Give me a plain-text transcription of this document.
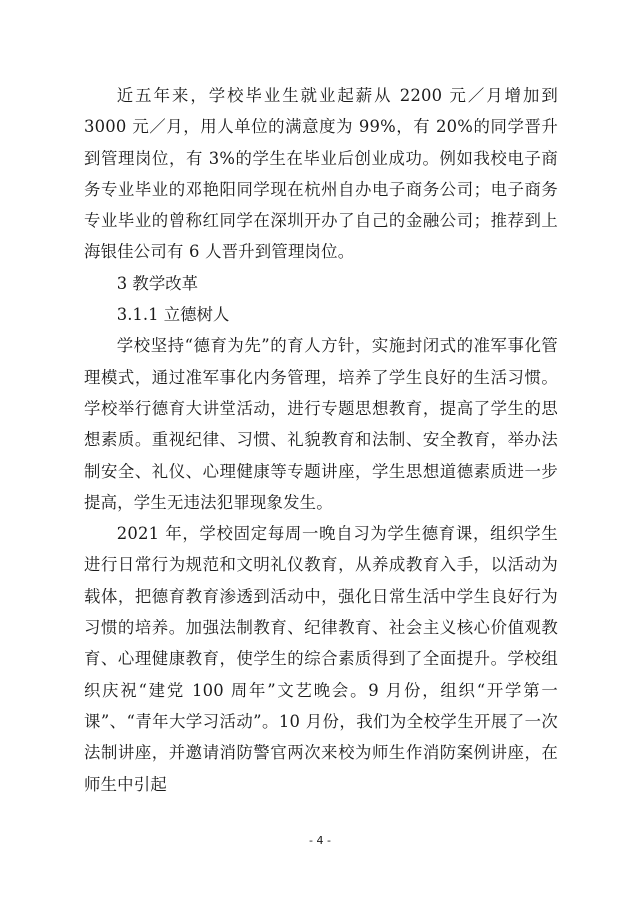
近五年来，学校毕业生就业起薪从 2200 元／月增加到 3000 元／月，用人单位的满意度为 99%，有 20%的同学晋升到管理岗位，有 3%的学生在毕业后创业成功。例如我校电子商务专业毕业的邓艳阳同学现在杭州自办电子商务公司；电子商务专业毕业的曾称红同学在深圳开办了自己的金融公司；推荐到上海银佳公司有 6 人晋升到管理岗位。

3 教学改革

3.1.1 立德树人

学校坚持“德育为先”的育人方针，实施封闭式的准军事化管理模式，通过准军事化内务管理，培养了学生良好的生活习惯。学校举行德育大讲堂活动，进行专题思想教育，提高了学生的思想素质。重视纪律、习惯、礼貌教育和法制、安全教育，举办法制安全、礼仪、心理健康等专题讲座，学生思想道德素质进一步提高，学生无违法犯罪现象发生。

2021 年，学校固定每周一晚自习为学生德育课，组织学生进行日常行为规范和文明礼仪教育，从养成教育入手，以活动为载体，把德育教育渗透到活动中，强化日常生活中学生良好行为习惯的培养。加强法制教育、纪律教育、社会主义核心价值观教育、心理健康教育，使学生的综合素质得到了全面提升。学校组织庆祝“建党 100 周年”文艺晚会。9 月份，组织“开学第一课”、“青年大学习活动”。10 月份，我们为全校学生开展了一次法制讲座，并邀请消防警官两次来校为师生作消防案例讲座，在师生中引起

- 4 -
